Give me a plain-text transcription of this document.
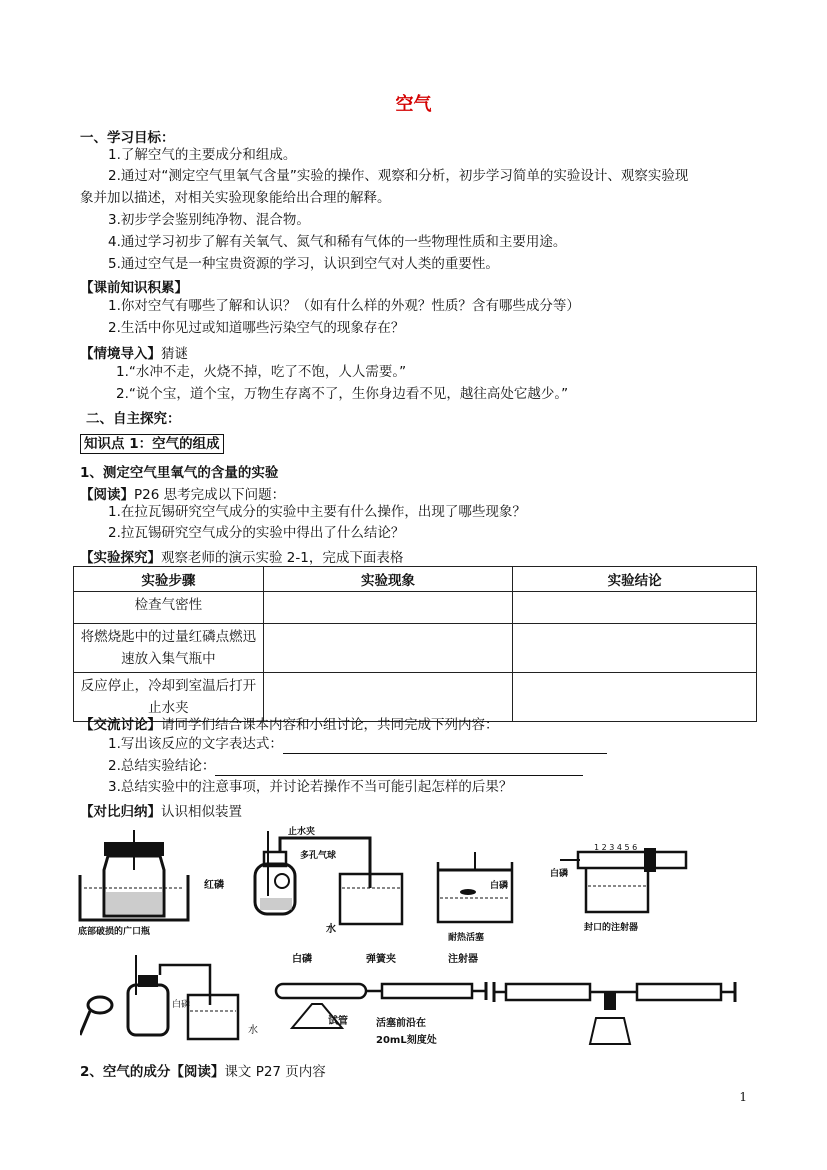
空气
一、学习目标：
1.了解空气的主要成分和组成。
2.通过对“测定空气里氧气含量”实验的操作、观察和分析，初步学习简单的实验设计、观察实验现
象并加以描述，对相关实验现象能给出合理的解释。
3.初步学会鉴别纯净物、混合物。
4.通过学习初步了解有关氧气、氮气和稀有气体的一些物理性质和主要用途。
5.通过空气是一种宝贵资源的学习，认识到空气对人类的重要性。
【课前知识积累】
1.你对空气有哪些了解和认识？（如有什么样的外观？性质？含有哪些成分等）
2.生活中你见过或知道哪些污染空气的现象存在？
【情境导入】猜谜
1.“水冲不走，火烧不掉，吃了不饱，人人需要。”
2.“说个宝，道个宝，万物生存离不了，生你身边看不见，越往高处它越少。”
二、自主探究：
知识点 1：空气的组成
1、测定空气里氧气的含量的实验
【阅读】P26 思考完成以下问题：
1.在拉瓦锡研究空气成分的实验中主要有什么操作，出现了哪些现象？
2.拉瓦锡研究空气成分的实验中得出了什么结论？
【实验探究】观察老师的演示实验 2-1，完成下面表格
实验步骤	实验现象	实验结论
检查气密性		
将燃烧匙中的过量红磷点燃迅速放入集气瓶中		
反应停止，冷却到室温后打开止水夹		
【交流讨论】请同学们结合课本内容和小组讨论，共同完成下列内容：
1.写出该反应的文字表达式：
2.总结实验结论：
3.总结实验中的注意事项，并讨论若操作不当可能引起怎样的后果？
【对比归纳】认识相似装置
底部破损的广口瓶
止水夹
多孔气球
红磷
水
白磷
耐热活塞
1 2 3 4 5 6
白磷
封口的注射器
白磷
水
白磷	弹簧夹	注射器
试管	活塞前沿在
20mL刻度处
2、空气的成分【阅读】课文 P27 页内容
1
